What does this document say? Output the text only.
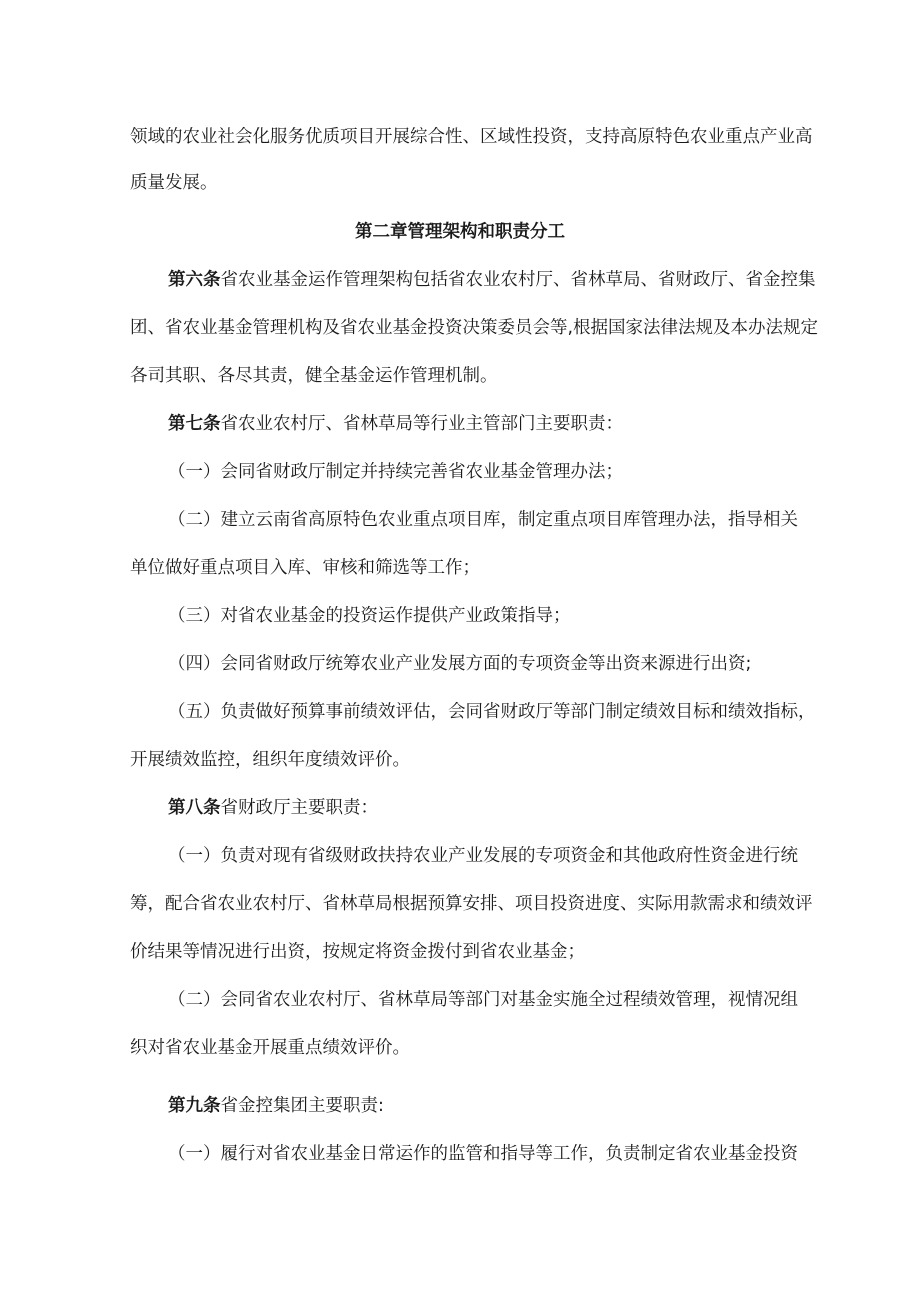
领域的农业社会化服务优质项目开展综合性、区域性投资，支持高原特色农业重点产业高
质量发展。
第二章管理架构和职责分工
第六条省农业基金运作管理架构包括省农业农村厅、省林草局、省财政厅、省金控集
团、省农业基金管理机构及省农业基金投资决策委员会等,根据国家法律法规及本办法规定
各司其职、各尽其责，健全基金运作管理机制。
第七条省农业农村厅、省林草局等行业主管部门主要职责：
（一）会同省财政厅制定并持续完善省农业基金管理办法；
（二）建立云南省高原特色农业重点项目库，制定重点项目库管理办法，指导相关
单位做好重点项目入库、审核和筛选等工作；
（三）对省农业基金的投资运作提供产业政策指导；
（四）会同省财政厅统筹农业产业发展方面的专项资金等出资来源进行出资;
（五）负责做好预算事前绩效评估，会同省财政厅等部门制定绩效目标和绩效指标，
开展绩效监控，组织年度绩效评价。
第八条省财政厅主要职责：
（一）负责对现有省级财政扶持农业产业发展的专项资金和其他政府性资金进行统
筹，配合省农业农村厅、省林草局根据预算安排、项目投资进度、实际用款需求和绩效评
价结果等情况进行出资，按规定将资金拨付到省农业基金；
（二）会同省农业农村厅、省林草局等部门对基金实施全过程绩效管理，视情况组
织对省农业基金开展重点绩效评价。
第九条省金控集团主要职责:
（一）履行对省农业基金日常运作的监管和指导等工作，负责制定省农业基金投资
